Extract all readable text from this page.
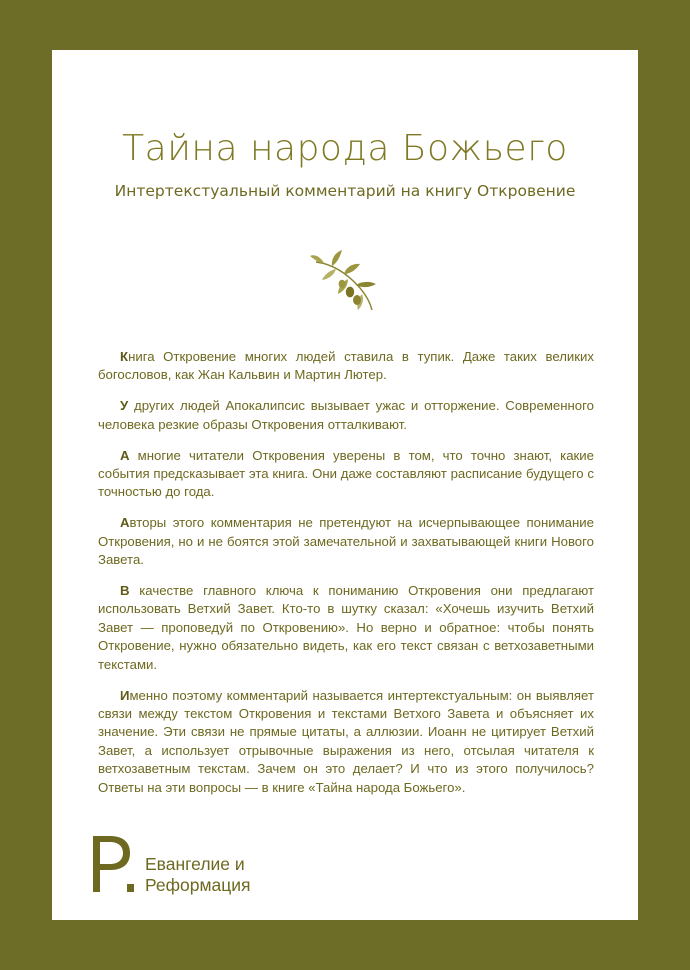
Тайна народа Божьего
Интертекстуальный комментарий на книгу Откровение

Книга Откровение многих людей ставила в тупик. Даже таких великих богословов, как Жан Кальвин и Мартин Лютер.

У других людей Апокалипсис вызывает ужас и отторжение. Современного человека резкие образы Откровения отталкивают.

А многие читатели Откровения уверены в том, что точно знают, какие события предсказывает эта книга. Они даже составляют расписание будущего с точностью до года.

Авторы этого комментария не претендуют на исчерпывающее понимание Откровения, но и не боятся этой замечательной и захватывающей книги Нового Завета.

В качестве главного ключа к пониманию Откровения они предлагают использовать Ветхий Завет. Кто-то в шутку сказал: «Хочешь изучить Ветхий Завет — проповедуй по Откровению». Но верно и обратное: чтобы понять Откровение, нужно обязательно видеть, как его текст связан с ветхозаветными текстами.

Именно поэтому комментарий называется интертекстуальным: он выявляет связи между текстом Откровения и текстами Ветхого Завета и объясняет их значение. Эти связи не прямые цитаты, а аллюзии. Иоанн не цитирует Ветхий Завет, а использует отрывочные выражения из него, отсылая читателя к ветхозаветным текстам. Зачем он это делает? И что из этого получилось? Ответы на эти вопросы — в книге «Тайна народа Божьего».

Евангелие и
Реформация
